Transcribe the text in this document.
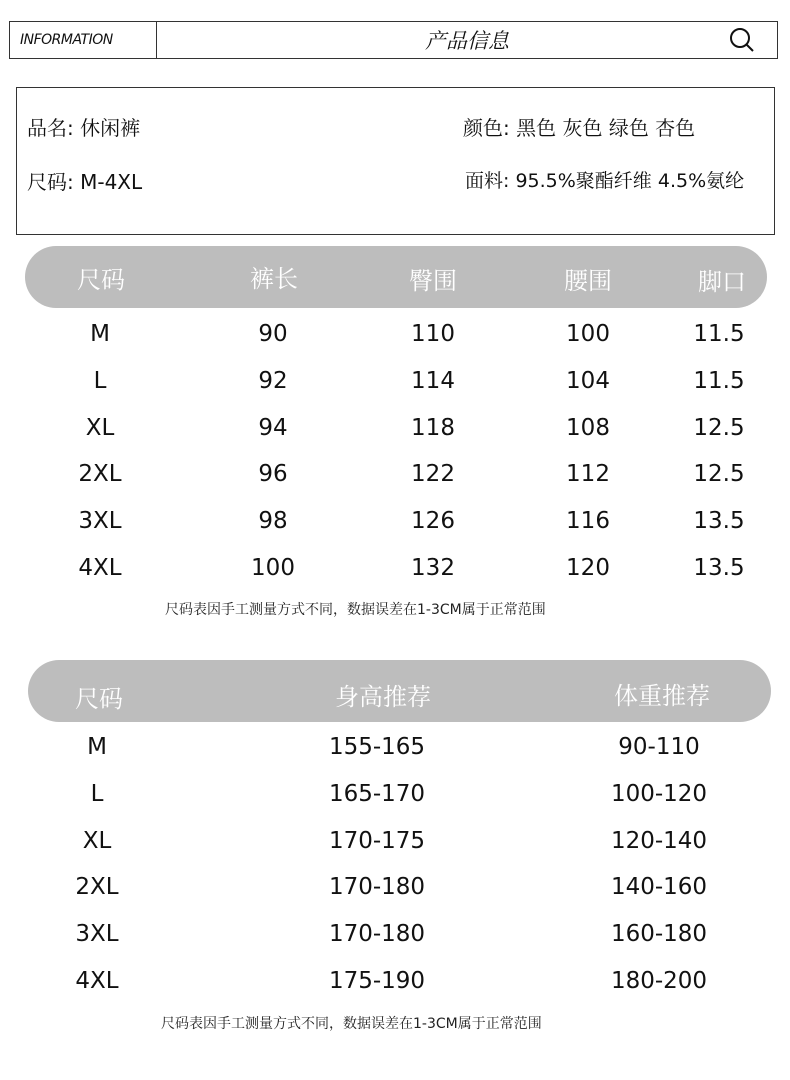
INFORMATION	产品信息
品名: 休闲裤
尺码: M-4XL
颜色: 黑色 灰色 绿色 杏色
面料: 95.5%聚酯纤维 4.5%氨纶
尺码	裤长	臀围	腰围	脚口
M	90	110	100	11.5
L	92	114	104	11.5
XL	94	118	108	12.5
2XL	96	122	112	12.5
3XL	98	126	116	13.5
4XL	100	132	120	13.5
尺码表因手工测量方式不同，数据误差在1-3CM属于正常范围
尺码	身高推荐	体重推荐
M	155-165	90-110
L	165-170	100-120
XL	170-175	120-140
2XL	170-180	140-160
3XL	170-180	160-180
4XL	175-190	180-200
尺码表因手工测量方式不同，数据误差在1-3CM属于正常范围
